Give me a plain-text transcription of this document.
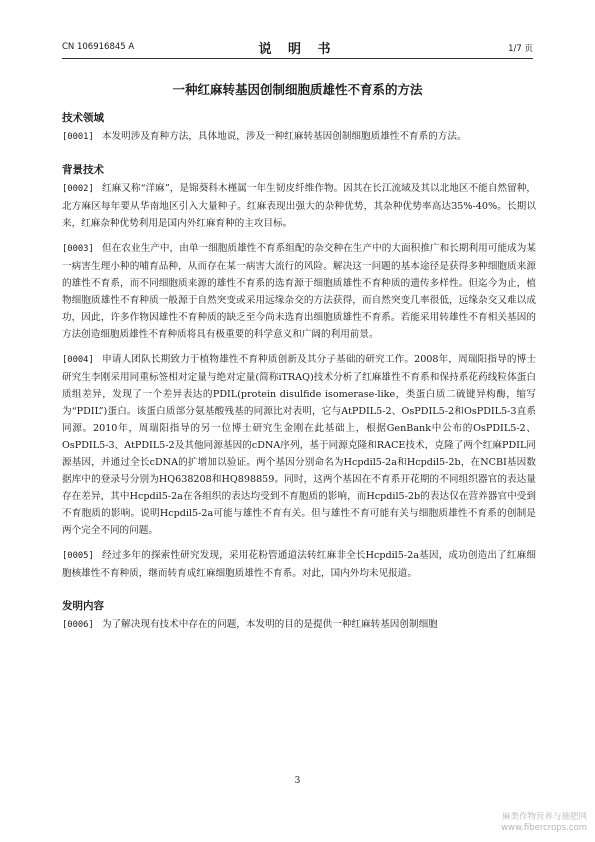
CN 106916845 A	说 明 书	1/7 页
一种红麻转基因创制细胞质雄性不育系的方法
技术领域
[0001] 本发明涉及育种方法，具体地说，涉及一种红麻转基因创制细胞质雄性不育系的方法。
背景技术
[0002] 红麻又称“洋麻”，是锦葵科木槿属一年生韧皮纤维作物。因其在长江流域及其以北地区不能自然留种，北方麻区每年要从华南地区引入大量种子。红麻表现出强大的杂种优势，其杂种优势率高达35%-40%。长期以来，红麻杂种优势利用是国内外红麻育种的主攻目标。
[0003] 但在农业生产中，由单一细胞质雄性不育系组配的杂交种在生产中的大面积推广和长期利用可能成为某一病害生理小种的哺育品种，从而存在某一病害大流行的风险。解决这一问题的基本途径是获得多种细胞质来源的雄性不育系，而不同细胞质来源的雄性不育系的选育源于细胞质雄性不育种质的遗传多样性。但迄今为止，植物细胞质雄性不育种质一般源于自然突变或采用远缘杂交的方法获得，而自然突变几率很低，远缘杂交又难以成功，因此，许多作物因雄性不育种质的缺乏至今尚未选育出细胞质雄性不育系。若能采用转雄性不育相关基因的方法创造细胞质雄性不育种质将具有极重要的科学意义和广阔的利用前景。
[0004] 申请人团队长期致力于植物雄性不育种质创新及其分子基础的研究工作。2008年，周瑞阳指导的博士研究生李刚采用同重标签相对定量与绝对定量(简称iTRAQ)技术分析了红麻雄性不育系和保持系花药线粒体蛋白质组差异，发现了一个差异表达的PDIL(protein disulfide isomerase-like，类蛋白质二硫键异构酶，缩写为“PDIL”)蛋白。该蛋白质部分氨基酸残基的同源比对表明，它与AtPDIL5-2、OsPDIL5-2和OsPDIL5-3直系同源。2010年，周瑞阳指导的另一位博士研究生金刚在此基础上，根据GenBank中公布的OsPDIL5-2、OsPDIL5-3、AtPDIL5-2及其他同源基因的cDNA序列，基于同源克隆和RACE技术，克隆了两个红麻PDIL同源基因，并通过全长cDNA的扩增加以验证。两个基因分别命名为Hcpdil5-2a和Hcpdil5-2b，在NCBI基因数据库中的登录号分别为HQ638208和HQ898859。同时，这两个基因在不育系开花期的不同组织器官的表达量存在差异，其中Hcpdil5-2a在各组织的表达均受到不育胞质的影响，而Hcpdil5-2b的表达仅在营养器官中受到不育胞质的影响。说明Hcpdil5-2a可能与雄性不育有关。但与雄性不育可能有关与细胞质雄性不育系的创制是两个完全不同的问题。
[0005] 经过多年的探索性研究发现，采用花粉管通道法转红麻非全长Hcpdil5-2a基因，成功创造出了红麻细胞核雄性不育种质，继而转育成红麻细胞质雄性不育系。对此，国内外均未见报道。
发明内容
[0006] 为了解决现有技术中存在的问题，本发明的目的是提供一种红麻转基因创制细胞
3
麻类作物营养与施肥网
www.fibercrops.com
